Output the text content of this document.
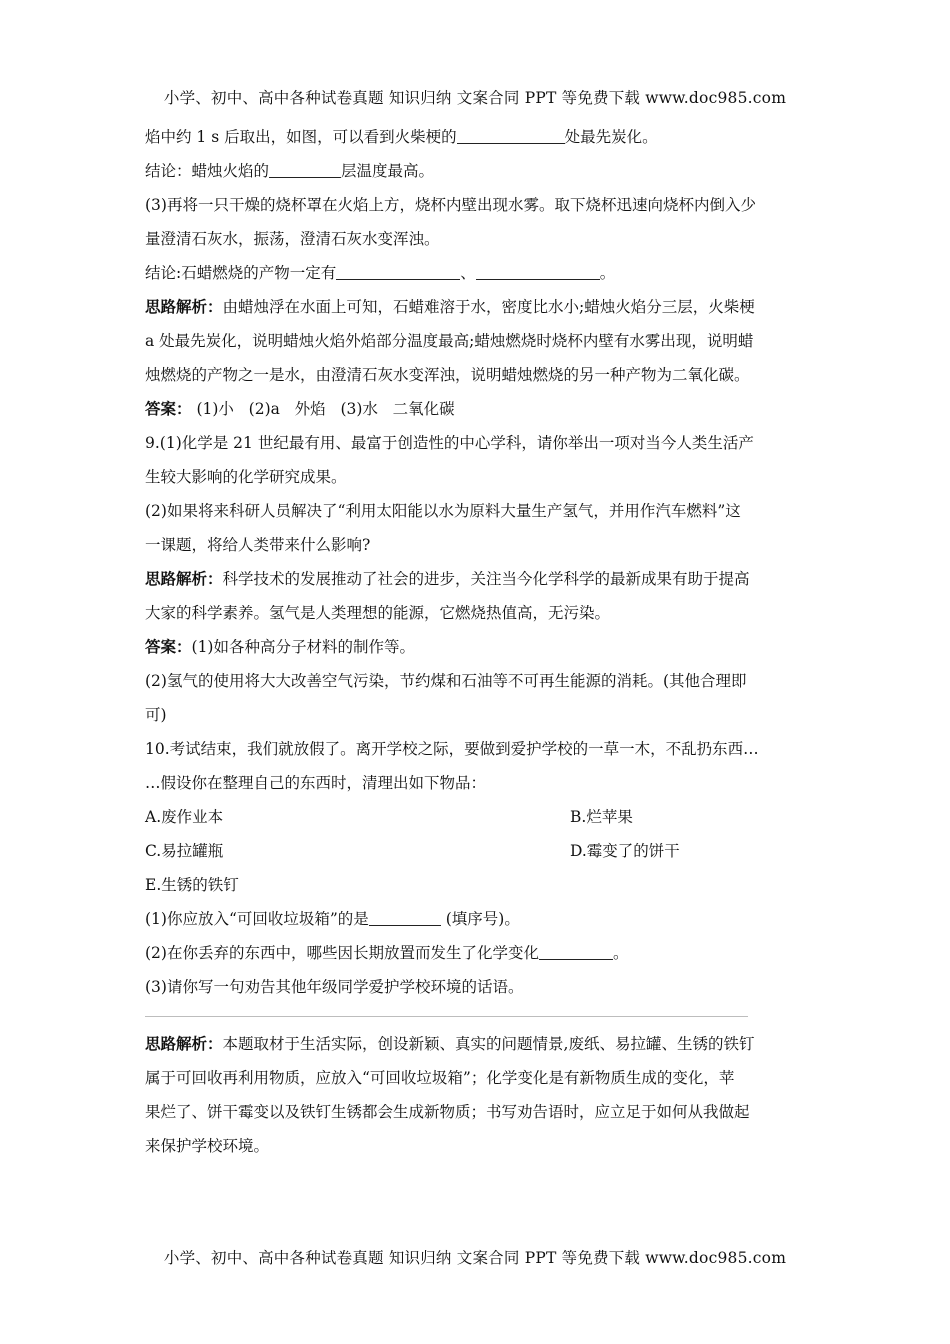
小学、初中、高中各种试卷真题 知识归纳 文案合同 PPT 等免费下载 www.doc985.com
焰中约 1 s 后取出，如图，可以看到火柴梗的	处最先炭化。
结论：蜡烛火焰的	层温度最高。
(3)再将一只干燥的烧杯罩在火焰上方，烧杯内壁出现水雾。取下烧杯迅速向烧杯内倒入少
量澄清石灰水，振荡，澄清石灰水变浑浊。
结论:石蜡燃烧的产物一定有	、	。
思路解析：由蜡烛浮在水面上可知，石蜡难溶于水，密度比水小;蜡烛火焰分三层，火柴梗
a 处最先炭化，说明蜡烛火焰外焰部分温度最高;蜡烛燃烧时烧杯内壁有水雾出现，说明蜡
烛燃烧的产物之一是水，由澄清石灰水变浑浊，说明蜡烛燃烧的另一种产物为二氧化碳。
答案： (1)小   (2)a   外焰   (3)水   二氧化碳
9.(1)化学是 21 世纪最有用、最富于创造性的中心学科，请你举出一项对当今人类生活产
生较大影响的化学研究成果。
(2)如果将来科研人员解决了“利用太阳能以水为原料大量生产氢气，并用作汽车燃料”这
一课题，将给人类带来什么影响?
思路解析：科学技术的发展推动了社会的进步，关注当今化学科学的最新成果有助于提高
大家的科学素养。氢气是人类理想的能源，它燃烧热值高，无污染。
答案：(1)如各种高分子材料的制作等。
(2)氢气的使用将大大改善空气污染，节约煤和石油等不可再生能源的消耗。(其他合理即
可)
10.考试结束，我们就放假了。离开学校之际，要做到爱护学校的一草一木，不乱扔东西…
…假设你在整理自己的东西时，清理出如下物品：
A.废作业本	B.烂苹果
C.易拉罐瓶	D.霉变了的饼干
E.生锈的铁钉
(1)你应放入“可回收垃圾箱”的是	(填序号)。
(2)在你丢弃的东西中，哪些因长期放置而发生了化学变化	。
(3)请你写一句劝告其他年级同学爱护学校环境的话语。
思路解析：本题取材于生活实际，创设新颖、真实的问题情景,废纸、易拉罐、生锈的铁钉
属于可回收再利用物质，应放入“可回收垃圾箱”；化学变化是有新物质生成的变化，苹
果烂了、饼干霉变以及铁钉生锈都会生成新物质；书写劝告语时，应立足于如何从我做起
来保护学校环境。
小学、初中、高中各种试卷真题 知识归纳 文案合同 PPT 等免费下载 www.doc985.com
